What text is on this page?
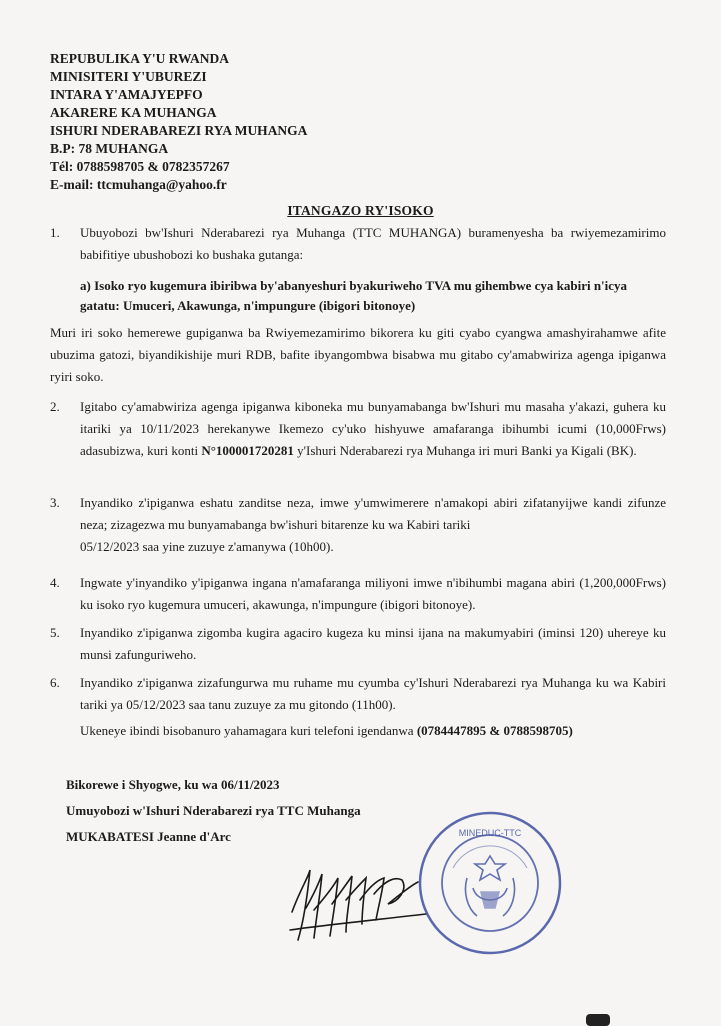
REPUBULIKA Y'U RWANDA
MINISITERI Y'UBUREZI
INTARA Y'AMAJYEPFO
AKARERE KA MUHANGA
ISHURI NDERABAREZI RYA MUHANGA
B.P: 78 MUHANGA
Tél: 0788598705 & 0782357267
E-mail: ttcmuhanga@yahoo.fr
ITANGAZO RY'ISOKO
1.	Ubuyobozi bw'Ishuri Nderabarezi rya Muhanga (TTC MUHANGA) buramenyesha ba rwiyemezamirimo babifitiye ubushobozi ko bushaka gutanga:
a) Isoko ryo kugemura ibiribwa by'abanyeshuri byakuriweho TVA mu gihembwe cya kabiri n'icya gatatu: Umuceri, Akawunga, n'impungure (ibigori bitonoye)
Muri iri soko hemerewe gupiganwa ba Rwiyemezamirimo bikorera ku giti cyabo cyangwa amashyirahamwe afite ubuzima gatozi, biyandikishije muri RDB, bafite ibyangombwa bisabwa mu gitabo cy'amabwiriza agenga ipiganwa ryiri soko.
2.	Igitabo cy'amabwiriza agenga ipiganwa kiboneka mu bunyamabanga bw'Ishuri mu masaha y'akazi, guhera ku itariki ya 10/11/2023 herekanywe Ikemezo cy'uko hishyuwe amafaranga ibihumbi icumi (10,000Frws) adasubizwa, kuri konti N°100001720281 y'Ishuri Nderabarezi rya Muhanga iri muri Banki ya Kigali (BK).
3.	Inyandiko z'ipiganwa eshatu zanditse neza, imwe y'umwimerere n'amakopi abiri zifatanyijwe kandi zifunze neza; zizagezwa mu bunyamabanga bw'ishuri bitarenze ku wa Kabiri tariki
05/12/2023 saa yine zuzuye z'amanywa (10h00).
4.	Ingwate y'inyandiko y'ipiganwa ingana n'amafaranga miliyoni imwe n'ibihumbi magana abiri (1,200,000Frws) ku isoko ryo kugemura umuceri, akawunga, n'impungure (ibigori bitonoye).
5.	Inyandiko z'ipiganwa zigomba kugira agaciro kugeza ku minsi ijana na makumyabiri (iminsi 120) uhereye ku munsi zafunguriweho.
6.	Inyandiko z'ipiganwa zizafungurwa mu ruhame mu cyumba cy'Ishuri Nderabarezi rya Muhanga ku wa Kabiri tariki ya 05/12/2023 saa tanu zuzuye za mu gitondo (11h00).
Ukeneye ibindi bisobanuro yahamagara kuri telefoni igendanwa (0784447895 & 0788598705)
Bikorewe i Shyogwe, ku wa 06/11/2023
Umuyobozi w'Ishuri Nderabarezi rya TTC Muhanga
MUKABATESI Jeanne d'Arc	MINEDUC-TTC
